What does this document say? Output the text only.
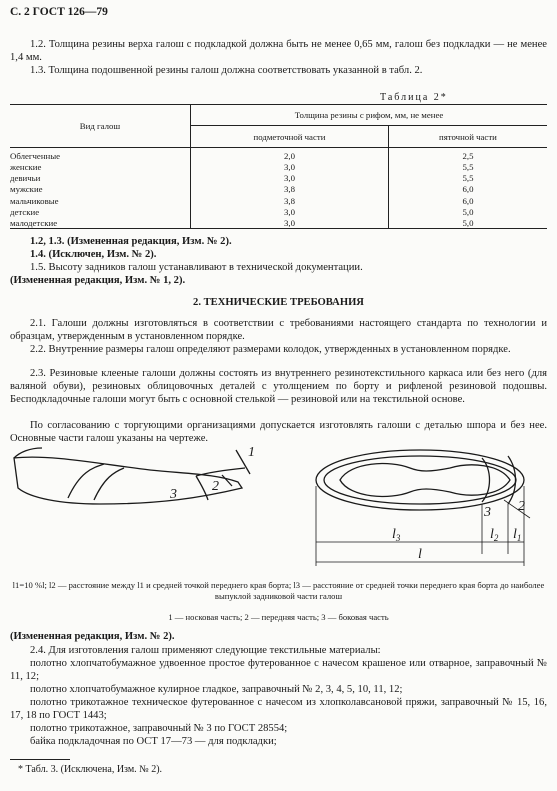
С. 2 ГОСТ 126—79
1.2. Толщина резины верха галош с подкладкой должна быть не менее 0,65 мм, галош без подкладки — не менее 1,4 мм.
1.3. Толщина подошвенной резины галош должна соответствовать указанной в табл. 2.
Таблица 2*
Вид галош	Толщина резины с рифом, мм, не менее	
	подметочной части	пяточной части
Облегченные	2,0	2,5
женские	3,0	5,5
девичьи	3,0	5,5
мужские	3,8	6,0
мальчиковые	3,8	6,0
детские	3,0	5,0
малодетские	3,0	5,0
1.2, 1.3. (Измененная редакция, Изм. № 2).
1.4. (Исключен, Изм. № 2).
1.5. Высоту задников галош устанавливают в технической документации.
(Измененная редакция, Изм. № 1, 2).
2. ТЕХНИЧЕСКИЕ ТРЕБОВАНИЯ
2.1. Галоши должны изготовляться в соответствии с требованиями настоящего стандарта по технологии и образцам, утвержденным в установленном порядке.
2.2. Внутренние размеры галош определяют размерами колодок, утвержденных в установленном порядке.
2.3. Резиновые клееные галоши должны состоять из внутреннего резинотекстильного каркаса или без него (для валяной обуви), резиновых облицовочных деталей с утолщением по борту и рифленой резиновой подошвы. Бесподкладочные галоши могут быть с основной стелькой — резиновой или на текстильной основе.
По согласованию с торгующими организациями допускается изготовлять галоши с деталью шпора и без нее. Основные части галош указаны на чертеже.
1
2
3
2
3
$l_3$	$l_2$ $l_1$
l
l1=10 %l; l2 — расстояние между l1 и средней точкой переднего края борта; l3 — расстояние от средней точки переднего края борта до наиболее выпуклой задниковой части галош
1 — носковая часть; 2 — передняя часть; 3 — боковая часть
(Измененная редакция, Изм. № 2).
2.4. Для изготовления галош применяют следующие текстильные материалы:
полотно хлопчатобумажное удвоенное простое футерованное с начесом крашеное или отварное, заправочный № 11, 12;
полотно хлопчатобумажное кулирное гладкое, заправочный № 2, 3, 4, 5, 10, 11, 12;
полотно трикотажное техническое футерованное с начесом из хлопколавсановой пряжи, заправочный № 15, 16, 17, 18 по ГОСТ 1443;
полотно трикотажное, заправочный № 3 по ГОСТ 28554;
байка подкладочная по ОСТ 17—73 — для подкладки;
* Табл. 3. (Исключена, Изм. № 2).
